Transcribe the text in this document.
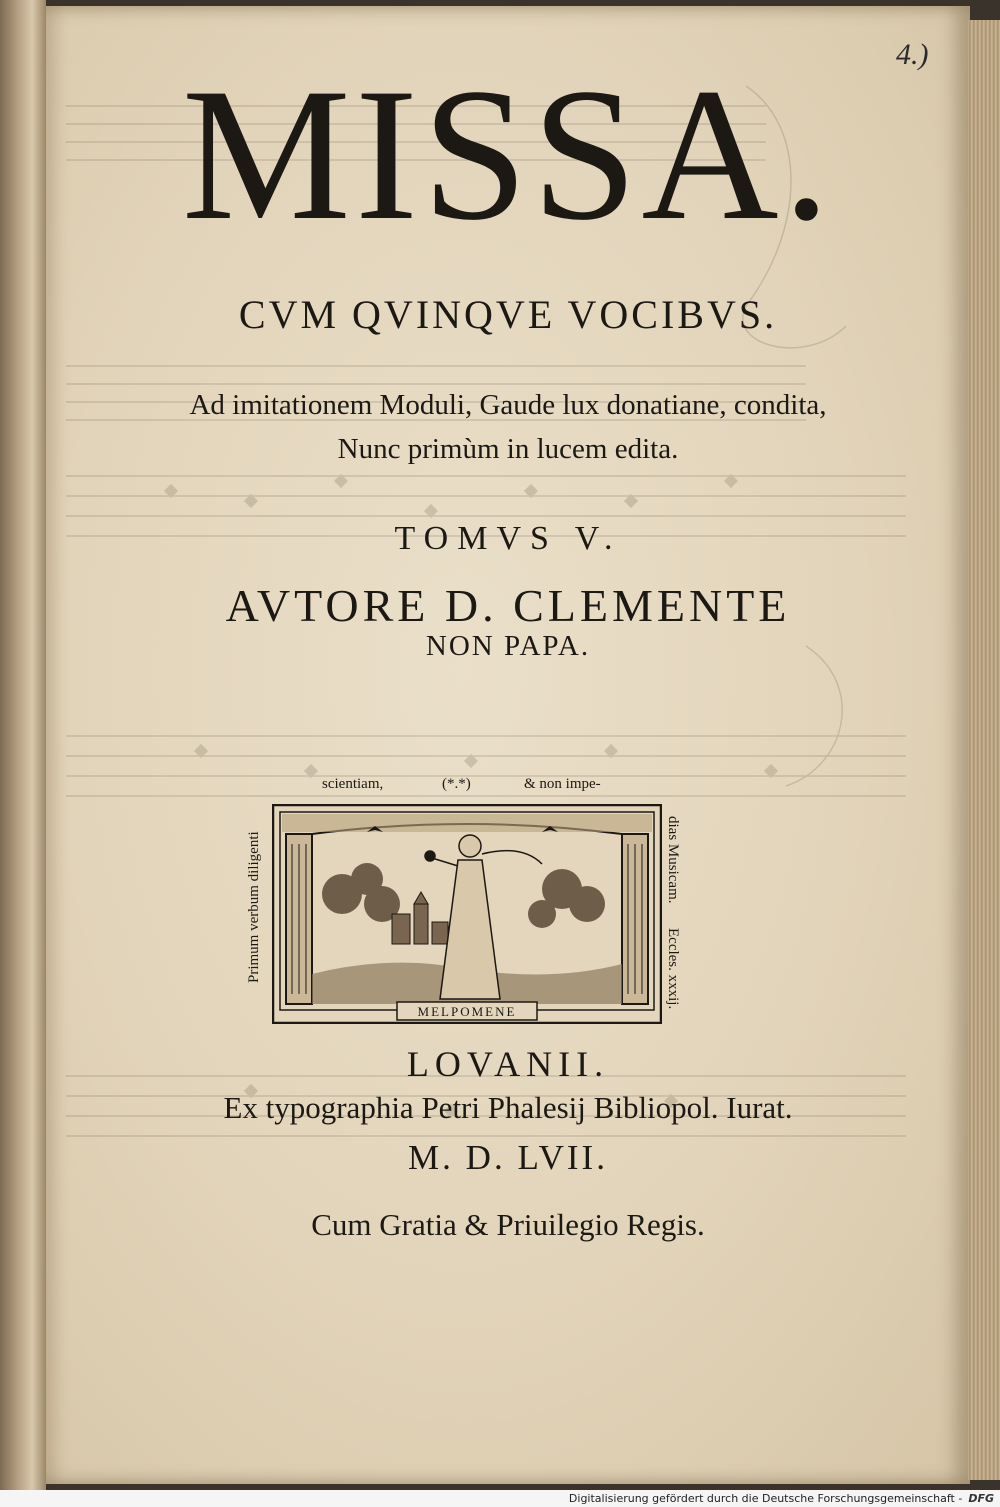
MISSA.
CVM QVINQVE VOCIBVS.
Ad imitationem Moduli, Gaude lux donatiane, condita,
Nunc primùm in lucem edita.
TOMVS V.
AVTORE D. CLEMENTE
NON PAPA.
scientiam,	(*.*)	& non impe-
Primum verbum diligenti	dias Musicam.
Eccles. xxxij.
MELPOMENE
LOVANII.
Ex typographia Petri Phalesij Bibliopol. Iurat.
M. D. LVII.
Cum Gratia & Priuilegio Regis.
4.)
Digitalisierung gefördert durch die Deutsche Forschungsgemeinschaft - DFG
